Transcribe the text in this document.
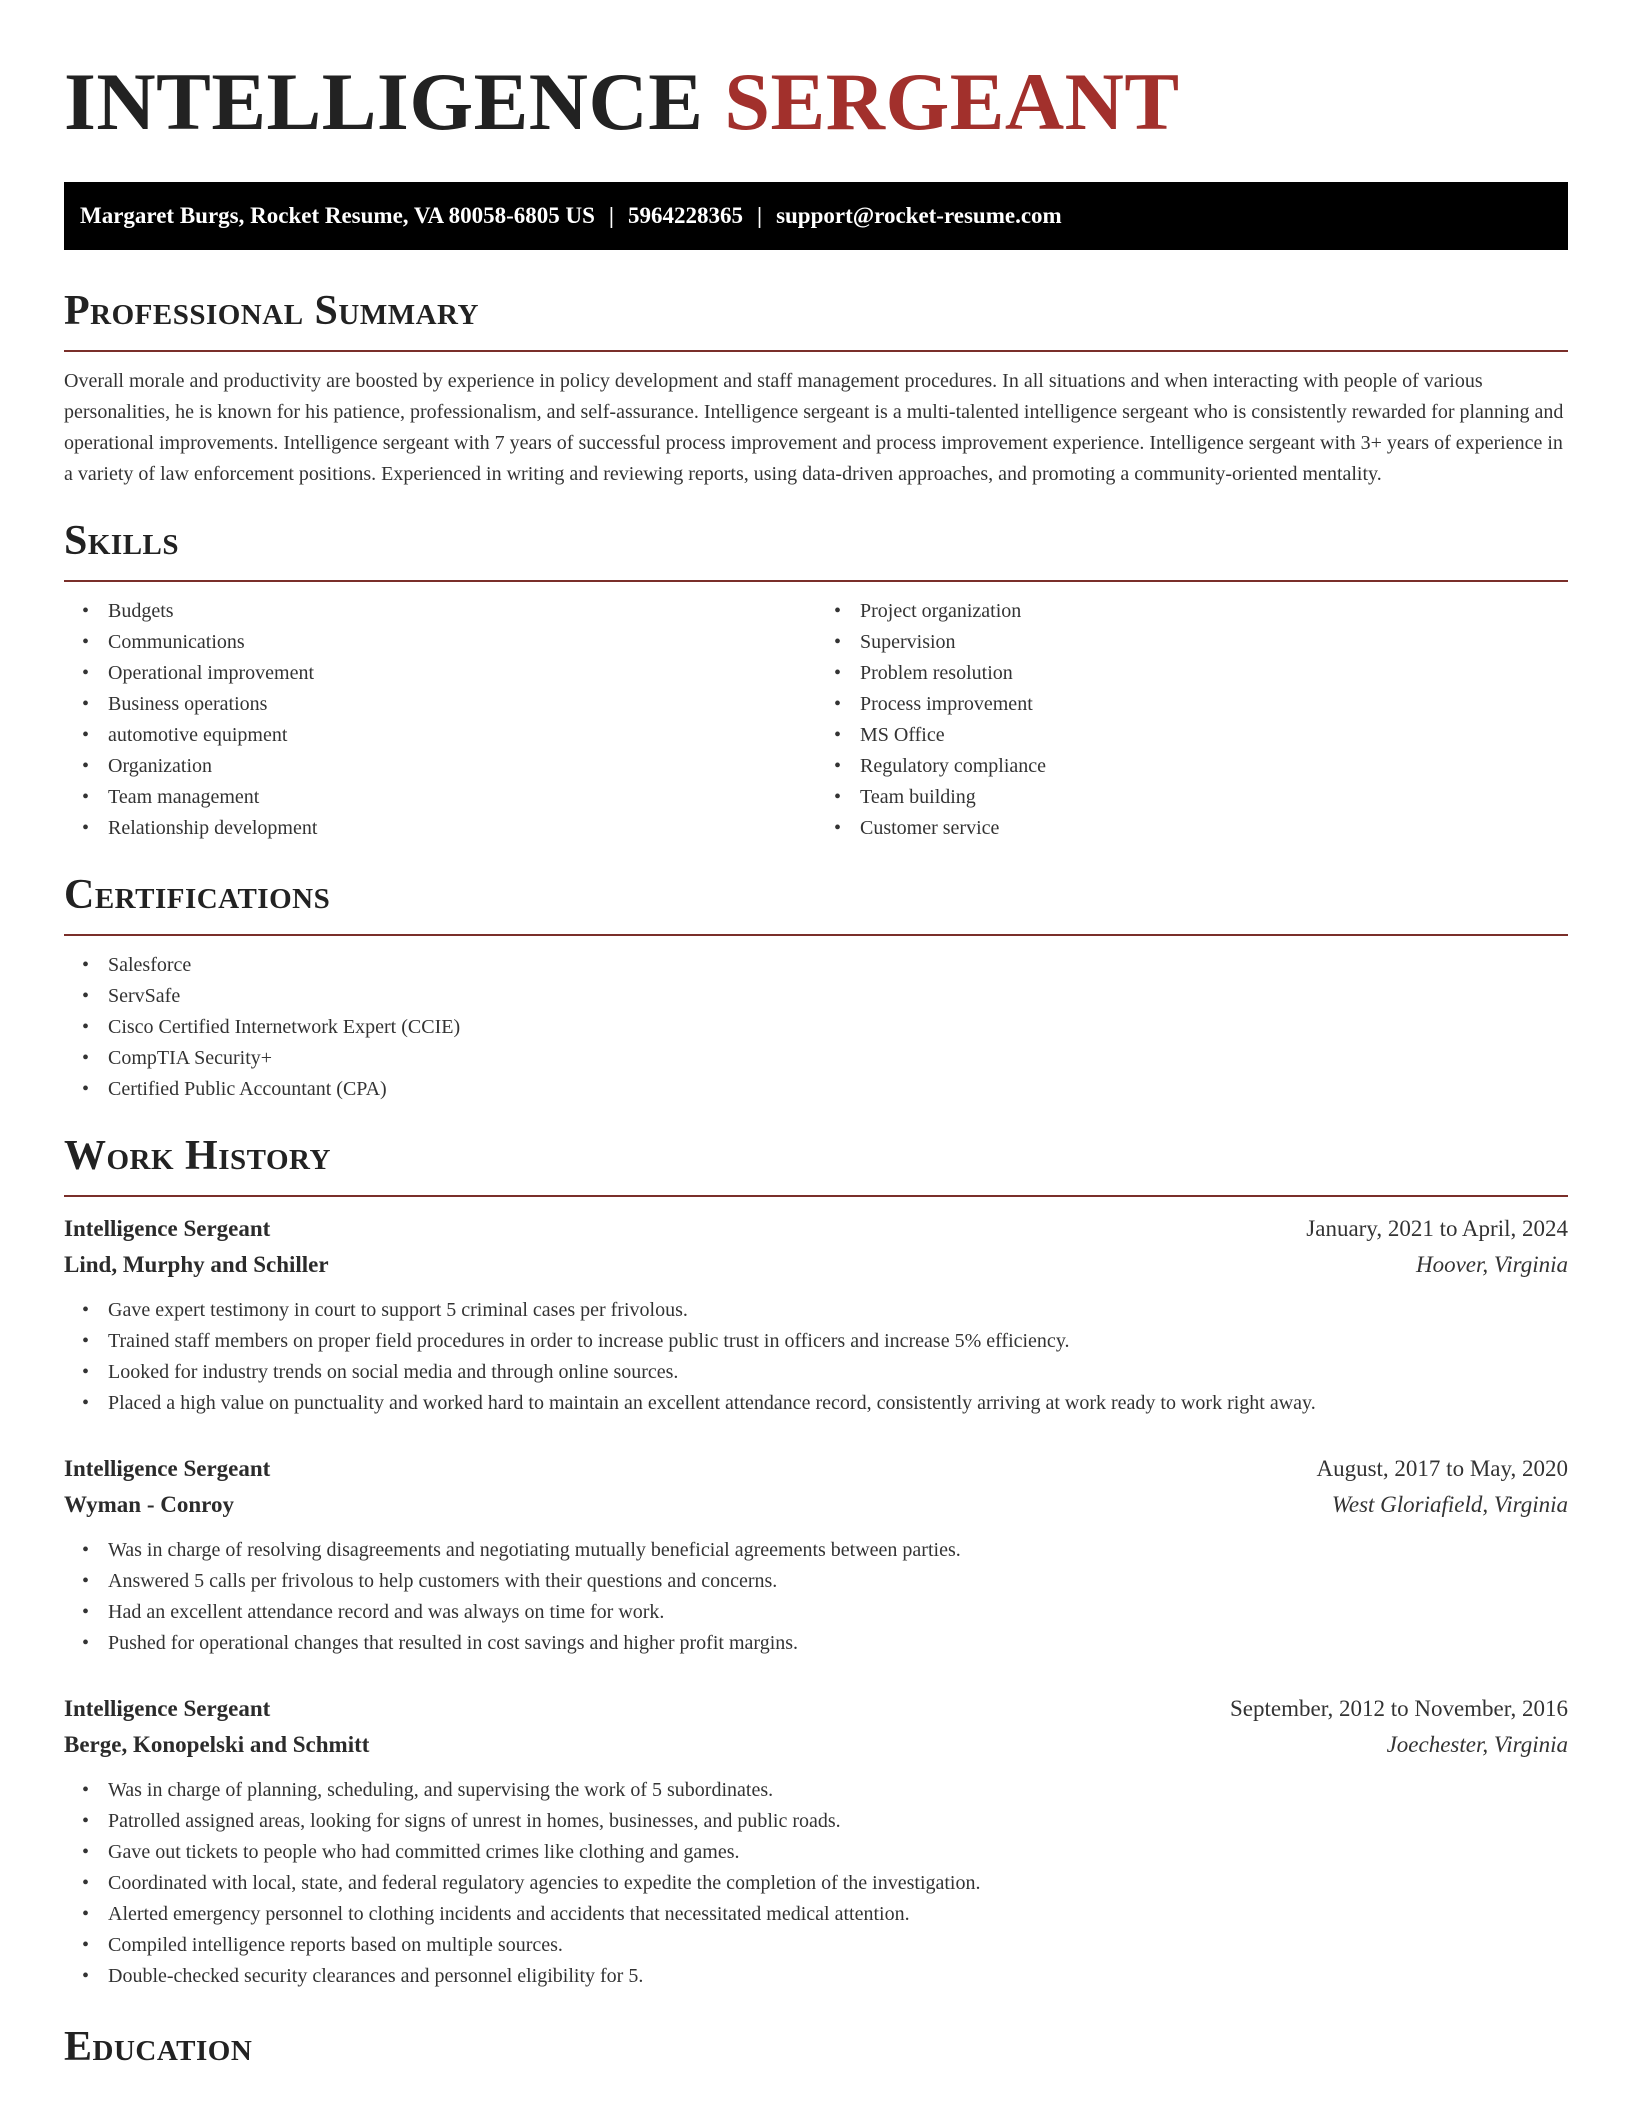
INTELLIGENCE SERGEANT
Margaret Burgs, Rocket Resume, VA 80058-6805 US | 5964228365 | support@rocket-resume.com
Professional Summary

Overall morale and productivity are boosted by experience in policy development and staff management procedures. In all situations and when interacting with people of various personalities, he is known for his patience, professionalism, and self-assurance. Intelligence sergeant is a multi-talented intelligence sergeant who is consistently rewarded for planning and operational improvements. Intelligence sergeant with 7 years of successful process improvement and process improvement experience. Intelligence sergeant with 3+ years of experience in a variety of law enforcement positions. Experienced in writing and reviewing reports, using data-driven approaches, and promoting a community-oriented mentality.

Skills
• Budgets
• Communications
• Operational improvement
• Business operations
• automotive equipment
• Organization
• Team management
• Relationship development
• Project organization
• Supervision
• Problem resolution
• Process improvement
• MS Office
• Regulatory compliance
• Team building
• Customer service
Certifications
• Salesforce
• ServSafe
• Cisco Certified Internetwork Expert (CCIE)
• CompTIA Security+
• Certified Public Accountant (CPA)
Work History
Intelligence Sergeant	January, 2021 to April, 2024
Lind, Murphy and Schiller	Hoover, Virginia
• Gave expert testimony in court to support 5 criminal cases per frivolous.
• Trained staff members on proper field procedures in order to increase public trust in officers and increase 5% efficiency.
• Looked for industry trends on social media and through online sources.
• Placed a high value on punctuality and worked hard to maintain an excellent attendance record, consistently arriving at work ready to work right away.
Intelligence Sergeant	August, 2017 to May, 2020
Wyman - Conroy	West Gloriafield, Virginia
• Was in charge of resolving disagreements and negotiating mutually beneficial agreements between parties.
• Answered 5 calls per frivolous to help customers with their questions and concerns.
• Had an excellent attendance record and was always on time for work.
• Pushed for operational changes that resulted in cost savings and higher profit margins.
Intelligence Sergeant	September, 2012 to November, 2016
Berge, Konopelski and Schmitt	Joechester, Virginia
• Was in charge of planning, scheduling, and supervising the work of 5 subordinates.
• Patrolled assigned areas, looking for signs of unrest in homes, businesses, and public roads.
• Gave out tickets to people who had committed crimes like clothing and games.
• Coordinated with local, state, and federal regulatory agencies to expedite the completion of the investigation.
• Alerted emergency personnel to clothing incidents and accidents that necessitated medical attention.
• Compiled intelligence reports based on multiple sources.
• Double-checked security clearances and personnel eligibility for 5.
Education
